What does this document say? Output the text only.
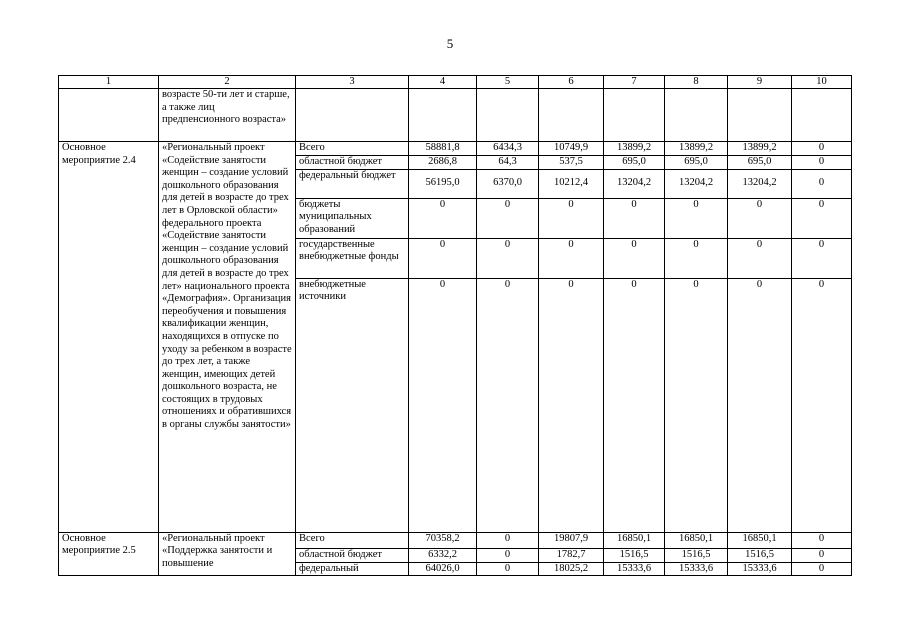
5
1	2	3	4	5	6	7	8	9	10
	возрасте 50-ти лет и старше, а также лиц предпенсионного возраста»								
Основное мероприятие 2.4	«Региональный проект «Содействие занятости женщин – создание условий дошкольного образования для детей в возрасте до трех лет в Орловской области» федерального проекта «Содействие занятости женщин – создание условий дошкольного образования для детей в возрасте до трех лет» национального проекта «Демография». Организация переобучения и повышения квалификации женщин, находящихся в отпуске по уходу за ребенком в возрасте до трех лет, а также женщин, имеющих детей дошкольного возраста, не состоящих в трудовых отношениях и обратившихся в органы службы занятости»	Всего	58881,8	6434,3	10749,9	13899,2	13899,2	13899,2	0
		областной бюджет	2686,8	64,3	537,5	695,0	695,0	695,0	0
		федеральный бюджет	56195,0	6370,0	10212,4	13204,2	13204,2	13204,2	0
		бюджеты муниципальных образований	0	0	0	0	0	0	0
		государственные внебюджетные фонды	0	0	0	0	0	0	0
		внебюджетные источники	0	0	0	0	0	0	0
Основное мероприятие 2.5	«Региональный проект «Поддержка занятости и повышение	Всего	70358,2	0	19807,9	16850,1	16850,1	16850,1	0
		областной бюджет	6332,2	0	1782,7	1516,5	1516,5	1516,5	0
		федеральный	64026,0	0	18025,2	15333,6	15333,6	15333,6	0
